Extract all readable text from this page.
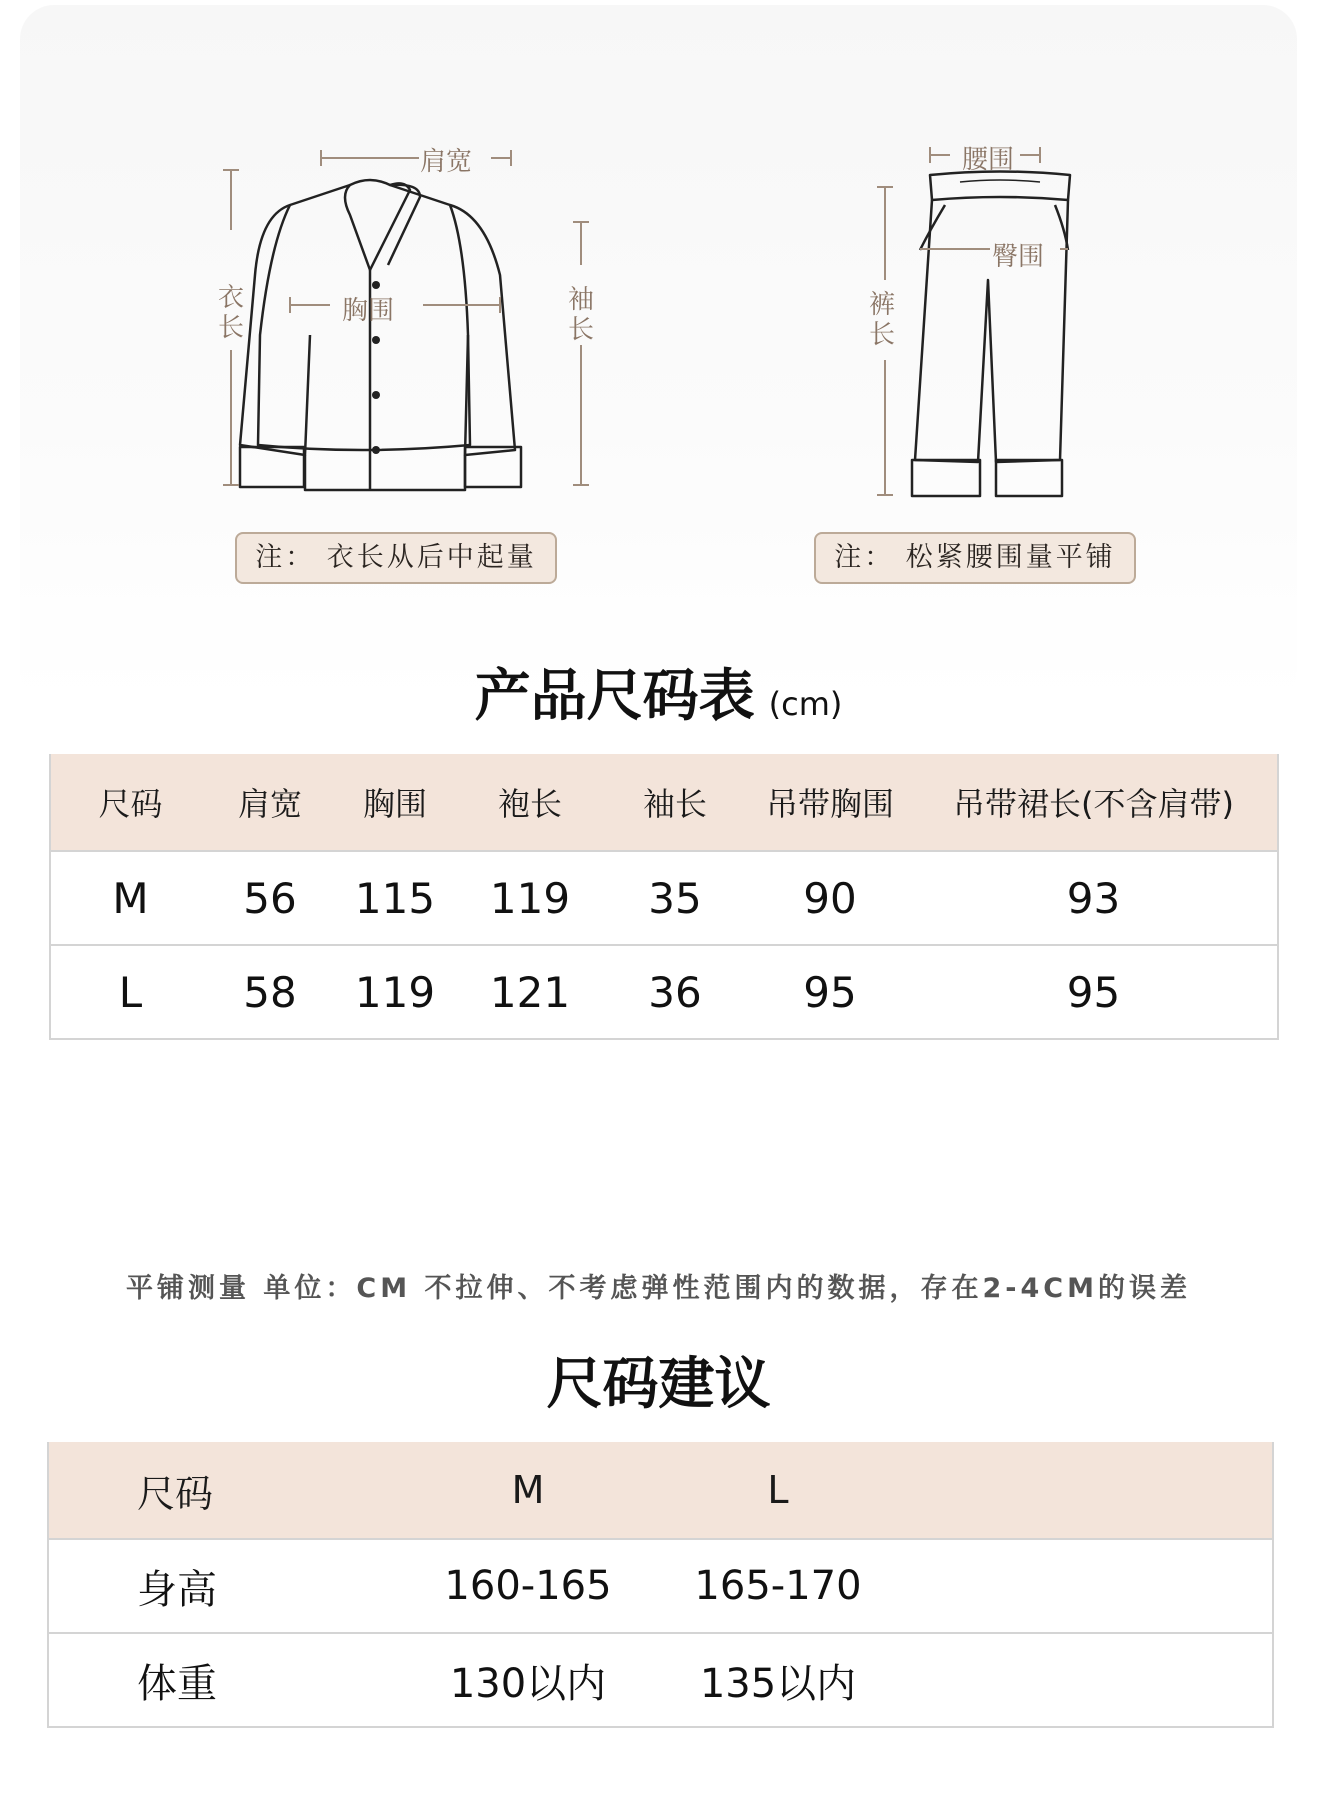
肩宽
胸围
衣长
袖长
腰围
臀围
裤长
注： 衣长从后中起量	注： 松紧腰围量平铺
产品尺码表 (cm)
尺码	肩宽	胸围	袍长	袖长	吊带胸围	吊带裙长(不含肩带)
M	56	115	119	35	90	93
L	58	119	121	36	95	95
平铺测量 单位：CM 不拉伸、不考虑弹性范围内的数据，存在2-4CM的误差
尺码建议
尺码	M	L	
身高	160-165	165-170	
体重	130以内	135以内	
